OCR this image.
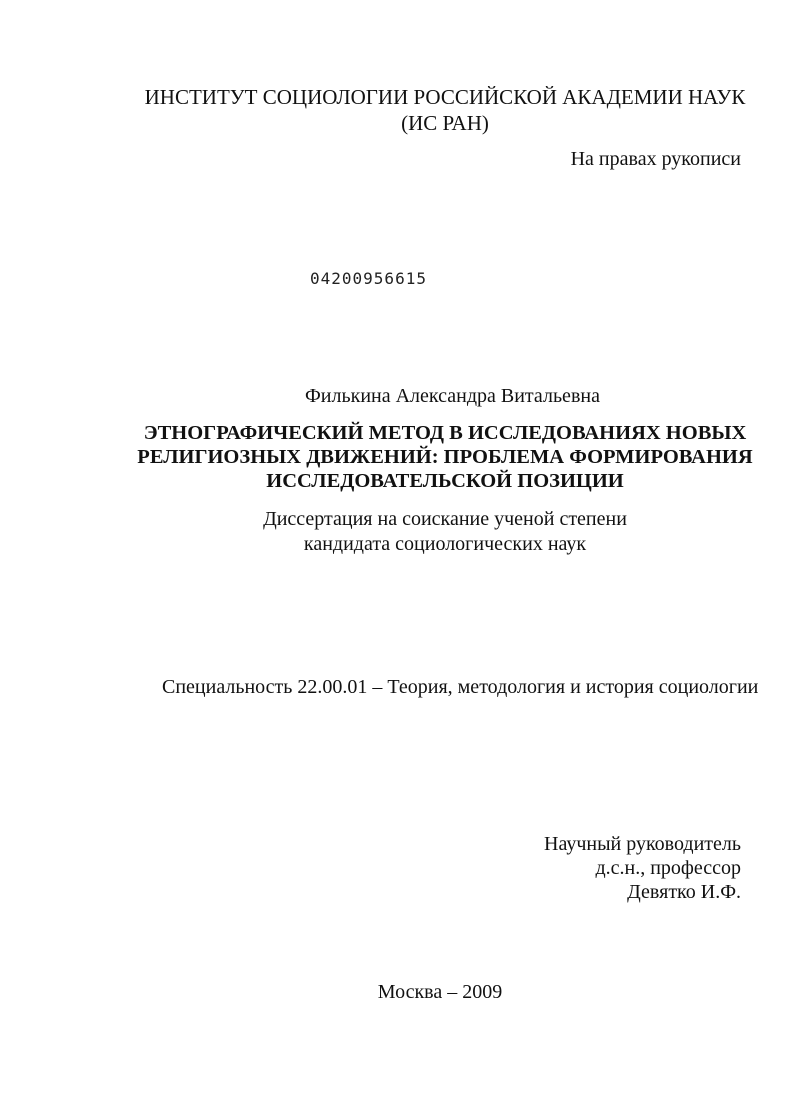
ИНСТИТУТ СОЦИОЛОГИИ РОССИЙСКОЙ АКАДЕМИИ НАУК
(ИС РАН)
На правах рукописи
04200956615
Филькина Александра Витальевна
ЭТНОГРАФИЧЕСКИЙ МЕТОД В ИССЛЕДОВАНИЯХ НОВЫХ
РЕЛИГИОЗНЫХ ДВИЖЕНИЙ: ПРОБЛЕМА ФОРМИРОВАНИЯ
ИССЛЕДОВАТЕЛЬСКОЙ ПОЗИЦИИ
Диссертация на соискание ученой степени
кандидата социологических наук
Специальность 22.00.01 – Теория, методология и история социологии
Научный руководитель
д.с.н., профессор
Девятко И.Ф.
Москва – 2009
